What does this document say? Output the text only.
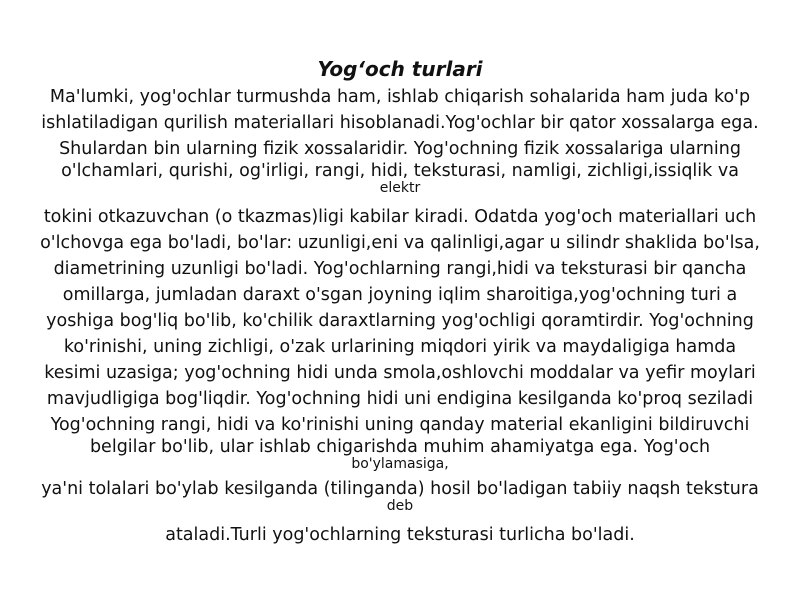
Yog‘och turlari
Ma'lumki, yog'ochlar turmushda ham, ishlab chiqarish sohalarida ham juda ko'p
ishlatiladigan qurilish materiallari hisoblanadi.Yog'ochlar bir qator xossalarga ega.
Shulardan bin ularning fizik xossalaridir. Yog'ochning fizik xossalariga ularning
o'lchamlari, qurishi, og'irligi, rangi, hidi, teksturasi, namligi, zichligi,issiqlik va
elektr
tokini otkazuvchan (o tkazmas)ligi kabilar kiradi. Odatda yog'och materiallari uch
o'lchovga ega bo'ladi, bo'lar: uzunligi,eni va qalinligi,agar u silindr shaklida bo'lsa,
diametrining uzunligi bo'ladi. Yog'ochlarning rangi,hidi va teksturasi bir qancha
omillarga, jumladan daraxt o'sgan joyning iqlim sharoitiga,yog'ochning turi a
yoshiga bog'liq bo'lib, ko'chilik daraxtlarning yog'ochligi qoramtirdir. Yog'ochning
ko'rinishi, uning zichligi, o'zak urlarining miqdori yirik va maydaligiga hamda
kesimi uzasiga; yog'ochning hidi unda smola,oshlovchi moddalar va yefir moylari
mavjudligiga bog'liqdir. Yog'ochning hidi uni endigina kesilganda ko'proq seziladi
Yog'ochning rangi, hidi va ko'rinishi uning qanday material ekanligini bildiruvchi
belgilar bo'lib, ular ishlab chigarishda muhim ahamiyatga ega. Yog'och
bo'ylamasiga,
ya'ni tolalari bo'ylab kesilganda (tilinganda) hosil bo'ladigan tabiiy naqsh tekstura
deb
ataladi.Turli yog'ochlarning teksturasi turlicha bo'ladi.
